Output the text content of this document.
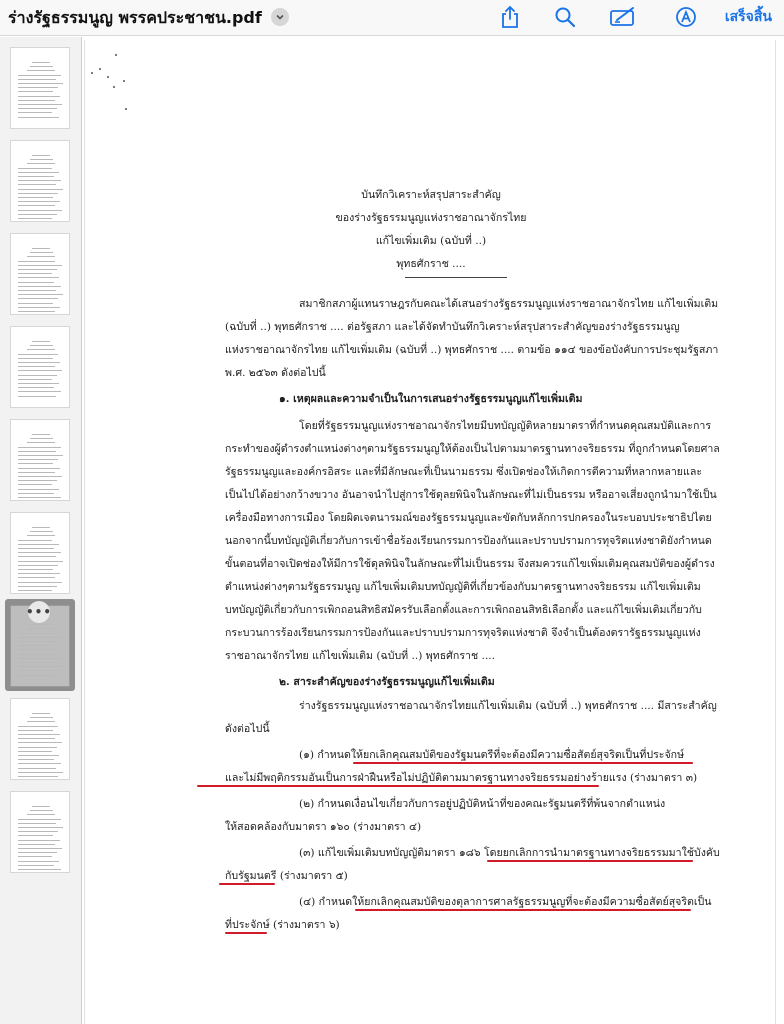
ร่างรัฐธรรมนูญ พรรคประชาชน.pdf	เสร็จสิ้น
•••

บันทึกวิเคราะห์สรุปสาระสำคัญ

ของร่างรัฐธรรมนูญแห่งราชอาณาจักรไทย

แก้ไขเพิ่มเติม (ฉบับที่ ..)

พุทธศักราช ....

สมาชิกสภาผู้แทนราษฎรกับคณะได้เสนอร่างรัฐธรรมนูญแห่งราชอาณาจักรไทย แก้ไขเพิ่มเติม

(ฉบับที่ ..) พุทธศักราช .... ต่อรัฐสภา และได้จัดทำบันทึกวิเคราะห์สรุปสาระสำคัญของร่างรัฐธรรมนูญ

แห่งราชอาณาจักรไทย แก้ไขเพิ่มเติม (ฉบับที่ ..) พุทธศักราช .... ตามข้อ ๑๑๔ ของข้อบังคับการประชุมรัฐสภา

พ.ศ. ๒๕๖๓ ดังต่อไปนี้

๑. เหตุผลและความจำเป็นในการเสนอร่างรัฐธรรมนูญแก้ไขเพิ่มเติม

โดยที่รัฐธรรมนูญแห่งราชอาณาจักรไทยมีบทบัญญัติหลายมาตราที่กำหนดคุณสมบัติและการ

กระทำของผู้ดำรงตำแหน่งต่างๆตามรัฐธรรมนูญให้ต้องเป็นไปตามมาตรฐานทางจริยธรรม ที่ถูกกำหนดโดยศาล

รัฐธรรมนูญและองค์กรอิสระ และที่มีลักษณะที่เป็นนามธรรม ซึ่งเปิดช่องให้เกิดการตีความที่หลากหลายและ

เป็นไปได้อย่างกว้างขวาง อันอาจนำไปสู่การใช้ดุลยพินิจในลักษณะที่ไม่เป็นธรรม หรืออาจเสี่ยงถูกนำมาใช้เป็น

เครื่องมือทางการเมือง โดยผิดเจตนารมณ์ของรัฐธรรมนูญและขัดกับหลักการปกครองในระบอบประชาธิปไตย

นอกจากนี้บทบัญญัติเกี่ยวกับการเข้าชื่อร้องเรียนกรรมการป้องกันและปราบปรามการทุจริตแห่งชาติยังกำหนด

ขั้นตอนที่อาจเปิดช่องให้มีการใช้ดุลพินิจในลักษณะที่ไม่เป็นธรรม จึงสมควรแก้ไขเพิ่มเติมคุณสมบัติของผู้ดำรง

ตำแหน่งต่างๆตามรัฐธรรมนูญ แก้ไขเพิ่มเติมบทบัญญัติที่เกี่ยวข้องกับมาตรฐานทางจริยธรรม แก้ไขเพิ่มเติม

บทบัญญัติเกี่ยวกับการเพิกถอนสิทธิสมัครรับเลือกตั้งและการเพิกถอนสิทธิเลือกตั้ง และแก้ไขเพิ่มเติมเกี่ยวกับ

กระบวนการร้องเรียนกรรมการป้องกันและปราบปรามการทุจริตแห่งชาติ จึงจำเป็นต้องตรารัฐธรรมนูญแห่ง

ราชอาณาจักรไทย แก้ไขเพิ่มเติม (ฉบับที่ ..) พุทธศักราช ....

๒. สาระสำคัญของร่างรัฐธรรมนูญแก้ไขเพิ่มเติม

ร่างรัฐธรรมนูญแห่งราชอาณาจักรไทยแก้ไขเพิ่มเติม (ฉบับที่ ..) พุทธศักราช .... มีสาระสำคัญ

ดังต่อไปนี้

(๑) กำหนดให้ยกเลิกคุณสมบัติของรัฐมนตรีที่จะต้องมีความซื่อสัตย์สุจริตเป็นที่ประจักษ์

และไม่มีพฤติกรรมอันเป็นการฝ่าฝืนหรือไม่ปฏิบัติตามมาตรฐานทางจริยธรรมอย่างร้ายแรง (ร่างมาตรา ๓)

(๒) กำหนดเงื่อนไขเกี่ยวกับการอยู่ปฏิบัติหน้าที่ของคณะรัฐมนตรีที่พ้นจากตำแหน่ง

ให้สอดคล้องกับมาตรา ๑๖๐ (ร่างมาตรา ๔)

(๓) แก้ไขเพิ่มเติมบทบัญญัติมาตรา ๑๘๖ โดยยกเลิกการนำมาตรฐานทางจริยธรรมมาใช้บังคับ

กับรัฐมนตรี (ร่างมาตรา ๕)

(๔) กำหนดให้ยกเลิกคุณสมบัติของตุลาการศาลรัฐธรรมนูญที่จะต้องมีความซื่อสัตย์สุจริตเป็น

ที่ประจักษ์ (ร่างมาตรา ๖)
